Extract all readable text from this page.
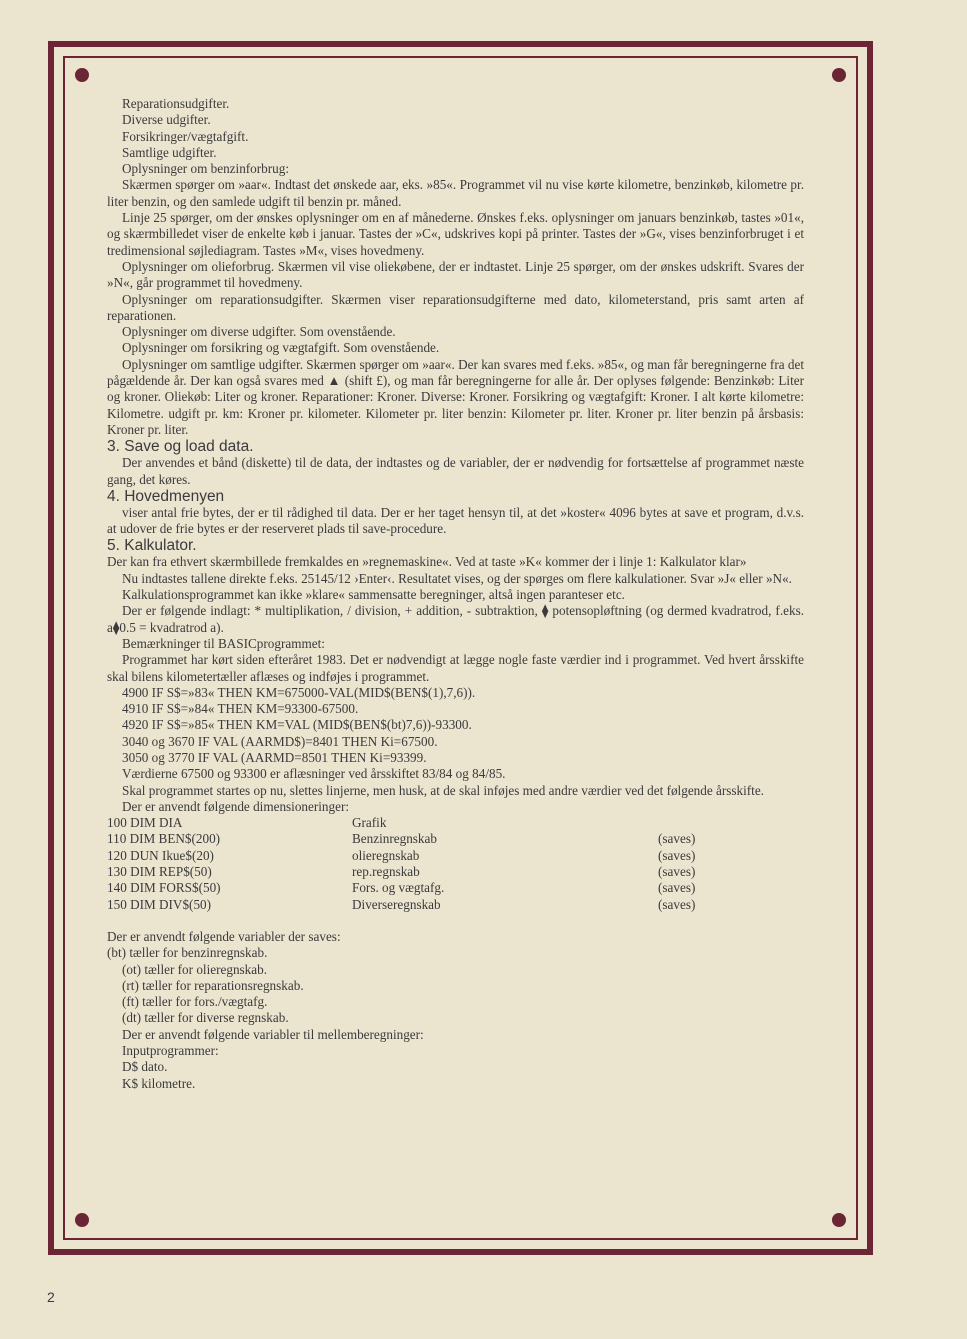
Reparationsudgifter.

Diverse udgifter.

Forsikringer/vægtafgift.

Samtlige udgifter.

Oplysninger om benzinforbrug:

Skærmen spørger om »aar«. Indtast det ønskede aar, eks. »85«. Programmet vil nu vise kørte kilometre, benzinkøb, kilometre pr. liter benzin, og den samlede udgift til benzin pr. måned.

Linje 25 spørger, om der ønskes oplysninger om en af månederne. Ønskes f.eks. oplysninger om januars benzinkøb, tastes »01«, og skærmbilledet viser de enkelte køb i januar. Tastes der »C«, udskrives kopi på printer. Tastes der »G«, vises benzinforbruget i et tredimensional søjlediagram. Tastes »M«, vises hovedmeny.

Oplysninger om olieforbrug. Skærmen vil vise oliekøbene, der er indtastet. Linje 25 spørger, om der ønskes udskrift. Svares der »N«, går programmet til hovedmeny.

Oplysninger om reparationsudgifter. Skærmen viser reparationsudgifterne med dato, kilometerstand, pris samt arten af reparationen.

Oplysninger om diverse udgifter. Som ovenstående.

Oplysninger om forsikring og vægtafgift. Som ovenstående.

Oplysninger om samtlige udgifter. Skærmen spørger om »aar«. Der kan svares med f.eks. »85«, og man får beregningerne fra det pågældende år. Der kan også svares med ▲ (shift £), og man får beregningerne for alle år. Der oplyses følgende: Benzinkøb: Liter og kroner. Oliekøb: Liter og kroner. Reparationer: Kroner. Diverse: Kroner. Forsikring og vægtafgift: Kroner. I alt kørte kilometre: Kilometre. udgift pr. km: Kroner pr. kilometer. Kilometer pr. liter benzin: Kilometer pr. liter. Kroner pr. liter benzin på årsbasis: Kroner pr. liter.

3. Save og load data.

Der anvendes et bånd (diskette) til de data, der indtastes og de variabler, der er nødvendig for fortsættelse af programmet næste gang, det køres.

4. Hovedmenyen

viser antal frie bytes, der er til rådighed til data. Der er her taget hensyn til, at det »koster« 4096 bytes at save et program, d.v.s. at udover de frie bytes er der reserveret plads til save-procedure.

5. Kalkulator.

Der kan fra ethvert skærmbillede fremkaldes en »regnemaskine«. Ved at taste »K« kommer der i linje 1: Kalkulator klar»

Nu indtastes tallene direkte f.eks. 25145/12 ›Enter‹. Resultatet vises, og der spørges om flere kalkulationer. Svar »J« eller »N«.

Kalkulationsprogrammet kan ikke »klare« sammensatte beregninger, altså ingen paranteser etc.

Der er følgende indlagt: * multiplikation, / division, + addition, - subtraktion, ⧫ potensopløftning (og dermed kvadratrod, f.eks. a⧫0.5 = kvadratrod a).

Bemærkninger til BASICprogrammet:

Programmet har kørt siden efteråret 1983. Det er nødvendigt at lægge nogle faste værdier ind i programmet. Ved hvert årsskifte skal bilens kilometertæller aflæses og indføjes i programmet.

4900 IF S$=»83« THEN KM=675000-VAL(MID$(BEN$(1),7,6)).

4910 IF S$=»84« THEN KM=93300-67500.

4920 IF S$=»85« THEN KM=VAL (MID$(BEN$(bt)7,6))-93300.

3040 og 3670 IF VAL (AARMD$)=8401 THEN Ki=67500.

3050 og 3770 IF VAL (AARMD=8501 THEN Ki=93399.

Værdierne 67500 og 93300 er aflæsninger ved årsskiftet 83/84 og 84/85.

Skal programmet startes op nu, slettes linjerne, men husk, at de skal inføjes med andre værdier ved det følgende årsskifte.

Der er anvendt følgende dimensioneringer:

100 DIM DIA	Grafik	
110 DIM BEN$(200)	Benzinregnskab	(saves)
120 DUN Ikue$(20)	olieregnskab	(saves)
130 DIM REP$(50)	rep.regnskab	(saves)
140 DIM FORS$(50)	Fors. og vægtafg.	(saves)
150 DIM DIV$(50)	Diverseregnskab	(saves)

Der er anvendt følgende variabler der saves:

(bt) tæller for benzinregnskab.

(ot) tæller for olieregnskab.

(rt) tæller for reparationsregnskab.

(ft) tæller for fors./vægtafg.

(dt) tæller for diverse regnskab.

Der er anvendt følgende variabler til mellemberegninger:

Inputprogrammer:

D$ dato.

K$ kilometre.

2
